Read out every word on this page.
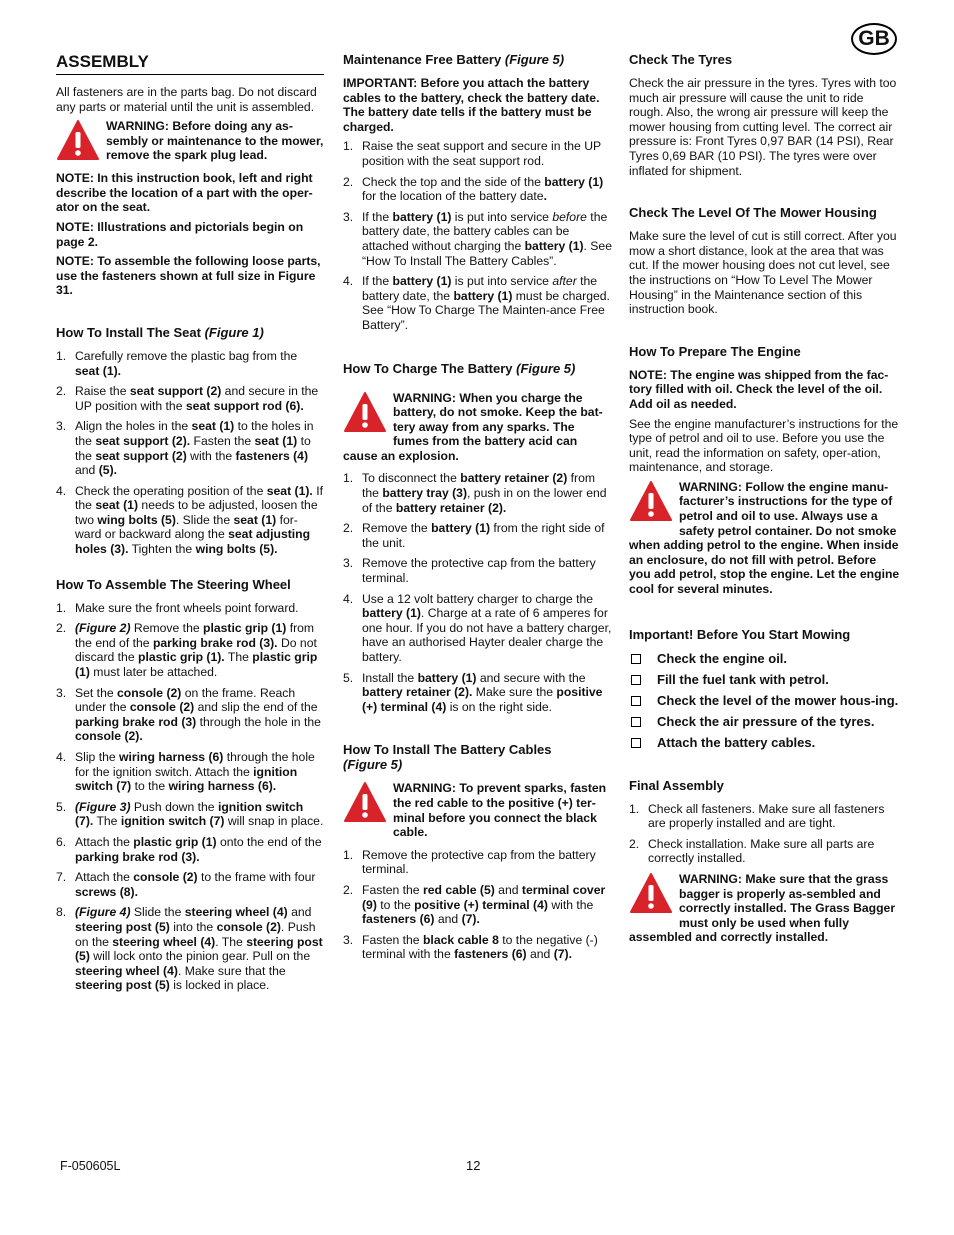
GB
ASSEMBLY

All fasteners are in the parts bag. Do not discard any parts or material until the unit is assembled.

WARNING: Before doing any as-sembly or maintenance to the mower, remove the spark plug lead.

NOTE: In this instruction book, left and right describe the location of a part with the oper-ator on the seat.

NOTE: Illustrations and pictorials begin on page 2.

NOTE: To assemble the following loose parts, use the fasteners shown at full size in Figure 31.

How To Install The Seat (Figure 1)
1. Carefully remove the plastic bag from the seat (1).
2. Raise the seat support (2) and secure in the UP position with the seat support rod (6).
3. Align the holes in the seat (1) to the holes in the seat support (2). Fasten the seat (1) to the seat support (2) with the fasteners (4) and (5).
4. Check the operating position of the seat (1). If the seat (1) needs to be adjusted, loosen the two wing bolts (5). Slide the seat (1) for-ward or backward along the seat adjusting holes (3). Tighten the wing bolts (5).
How To Assemble The Steering Wheel
1. Make sure the front wheels point forward.
2. (Figure 2) Remove the plastic grip (1) from the end of the parking brake rod (3). Do not discard the plastic grip (1). The plastic grip (1) must later be attached.
3. Set the console (2) on the frame. Reach under the console (2) and slip the end of the parking brake rod (3) through the hole in the console (2).
4. Slip the wiring harness (6) through the hole for the ignition switch. Attach the ignition switch (7) to the wiring harness (6).
5. (Figure 3) Push down the ignition switch (7). The ignition switch (7) will snap in place.
6. Attach the plastic grip (1) onto the end of the parking brake rod (3).
7. Attach the console (2) to the frame with four screws (8).
8. (Figure 4) Slide the steering wheel (4) and steering post (5) into the console (2). Push on the steering wheel (4). The steering post (5) will lock onto the pinion gear. Pull on the steering wheel (4). Make sure that the steering post (5) is locked in place.
Maintenance Free Battery (Figure 5)

IMPORTANT: Before you attach the battery cables to the battery, check the battery date. The battery date tells if the battery must be charged.

1. Raise the seat support and secure in the UP position with the seat support rod.
2. Check the top and the side of the battery (1) for the location of the battery date.
3. If the battery (1) is put into service before the battery date, the battery cables can be attached without charging the battery (1). See “How To Install The Battery Cables”.
4. If the battery (1) is put into service after the battery date, the battery (1) must be charged. See “How To Charge The Mainten-ance Free Battery”.
How To Charge The Battery (Figure 5)
WARNING: When you charge the battery, do not smoke. Keep the bat-tery away from any sparks. The fumes from the battery acid can cause an explosion.
1. To disconnect the battery retainer (2) from the battery tray (3), push in on the lower end of the battery retainer (2).
2. Remove the battery (1) from the right side of the unit.
3. Remove the protective cap from the battery terminal.
4. Use a 12 volt battery charger to charge the battery (1). Charge at a rate of 6 amperes for one hour. If you do not have a battery charger, have an authorised Hayter dealer charge the battery.
5. Install the battery (1) and secure with the battery retainer (2). Make sure the positive (+) terminal (4) is on the right side.
How To Install The Battery Cables
(Figure 5)
WARNING: To prevent sparks, fasten the red cable to the positive (+) ter-minal before you connect the black cable.
1. Remove the protective cap from the battery terminal.
2. Fasten the red cable (5) and terminal cover (9) to the positive (+) terminal (4) with the fasteners (6) and (7).
3. Fasten the black cable 8 to the negative (-) terminal with the fasteners (6) and (7).
Check The Tyres

Check the air pressure in the tyres. Tyres with too much air pressure will cause the unit to ride rough. Also, the wrong air pressure will keep the mower housing from cutting level. The correct air pressure is: Front Tyres 0,97 BAR (14 PSI), Rear Tyres 0,69 BAR (10 PSI). The tyres were over inflated for shipment.

Check The Level Of The Mower Housing

Make sure the level of cut is still correct. After you mow a short distance, look at the area that was cut. If the mower housing does not cut level, see the instructions on “How To Level The Mower Housing” in the Maintenance section of this instruction book.

How To Prepare The Engine

NOTE: The engine was shipped from the fac-tory filled with oil. Check the level of the oil. Add oil as needed.

See the engine manufacturer’s instructions for the type of petrol and oil to use. Before you use the unit, read the information on safety, oper-ation, maintenance, and storage.

WARNING: Follow the engine manu-facturer’s instructions for the type of petrol and oil to use. Always use a safety petrol container. Do not smoke when adding petrol to the engine. When inside an enclosure, do not fill with petrol. Before you add petrol, stop the engine. Let the engine cool for several minutes.
Important! Before You Start Mowing
Check the engine oil.
Fill the fuel tank with petrol.
Check the level of the mower hous-ing.
Check the air pressure of the tyres.
Attach the battery cables.
Final Assembly
1. Check all fasteners. Make sure all fasteners are properly installed and are tight.
2. Check installation. Make sure all parts are correctly installed.
WARNING: Make sure that the grass bagger is properly as-sembled and correctly installed. The Grass Bagger must only be used when fully assembled and correctly installed.
F-050605L	12
